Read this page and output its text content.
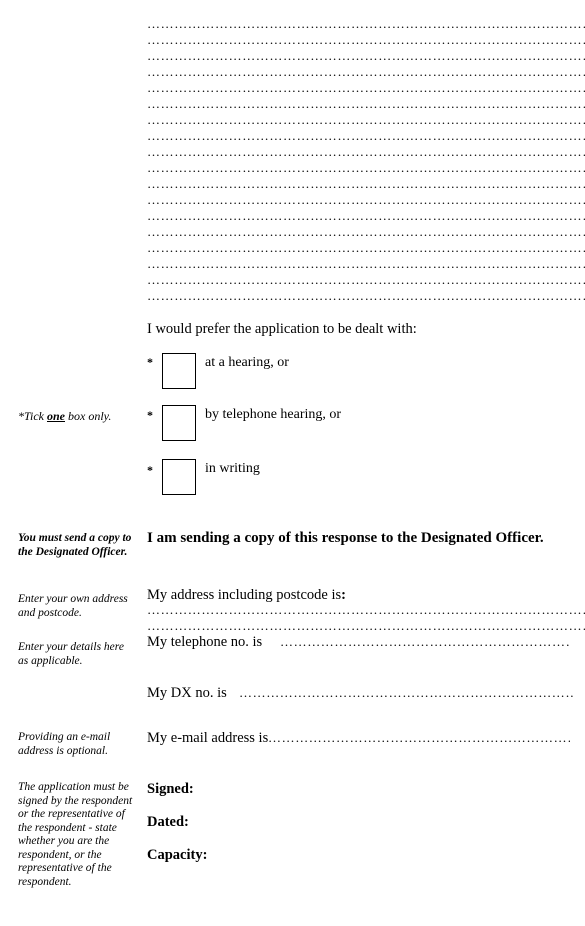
……………………………………………………………………………………………………………………
……………………………………………………………………………………………………………………
……………………………………………………………………………………………………………………
……………………………………………………………………………………………………………………
……………………………………………………………………………………………………………………
……………………………………………………………………………………………………………………
……………………………………………………………………………………………………………………
……………………………………………………………………………………………………………………
……………………………………………………………………………………………………………………
……………………………………………………………………………………………………………………
……………………………………………………………………………………………………………………
……………………………………………………………………………………………………………………
……………………………………………………………………………………………………………………
……………………………………………………………………………………………………………………
……………………………………………………………………………………………………………………
……………………………………………………………………………………………………………………
……………………………………………………………………………………………………………………
……………………………………………………………………………………………………………………
I would prefer the application to be dealt with:
*	at a hearing, or
*Tick one box only.	*	by telephone hearing, or
*	in writing
You must send a copy to the Designated Officer.
I am sending a copy of this response to the Designated Officer.
My address including postcode is:
Enter your own address and postcode.
……………………………………………………………………………………………………………………
……………………………………………………………………………………………………………………
Enter your details here as applicable.
My telephone no. is
……………………………………………………………………………………………………………………
My DX no. is
……………………………………………………………………………………………………………………
Providing an e-mail address is optional.
My e-mail address is
……………………………………………………………………………………………………………………
The application must be signed by the respondent or the representative of the respondent - state whether you are the respondent, or the representative of the respondent.
Signed:
Dated:
Capacity:
